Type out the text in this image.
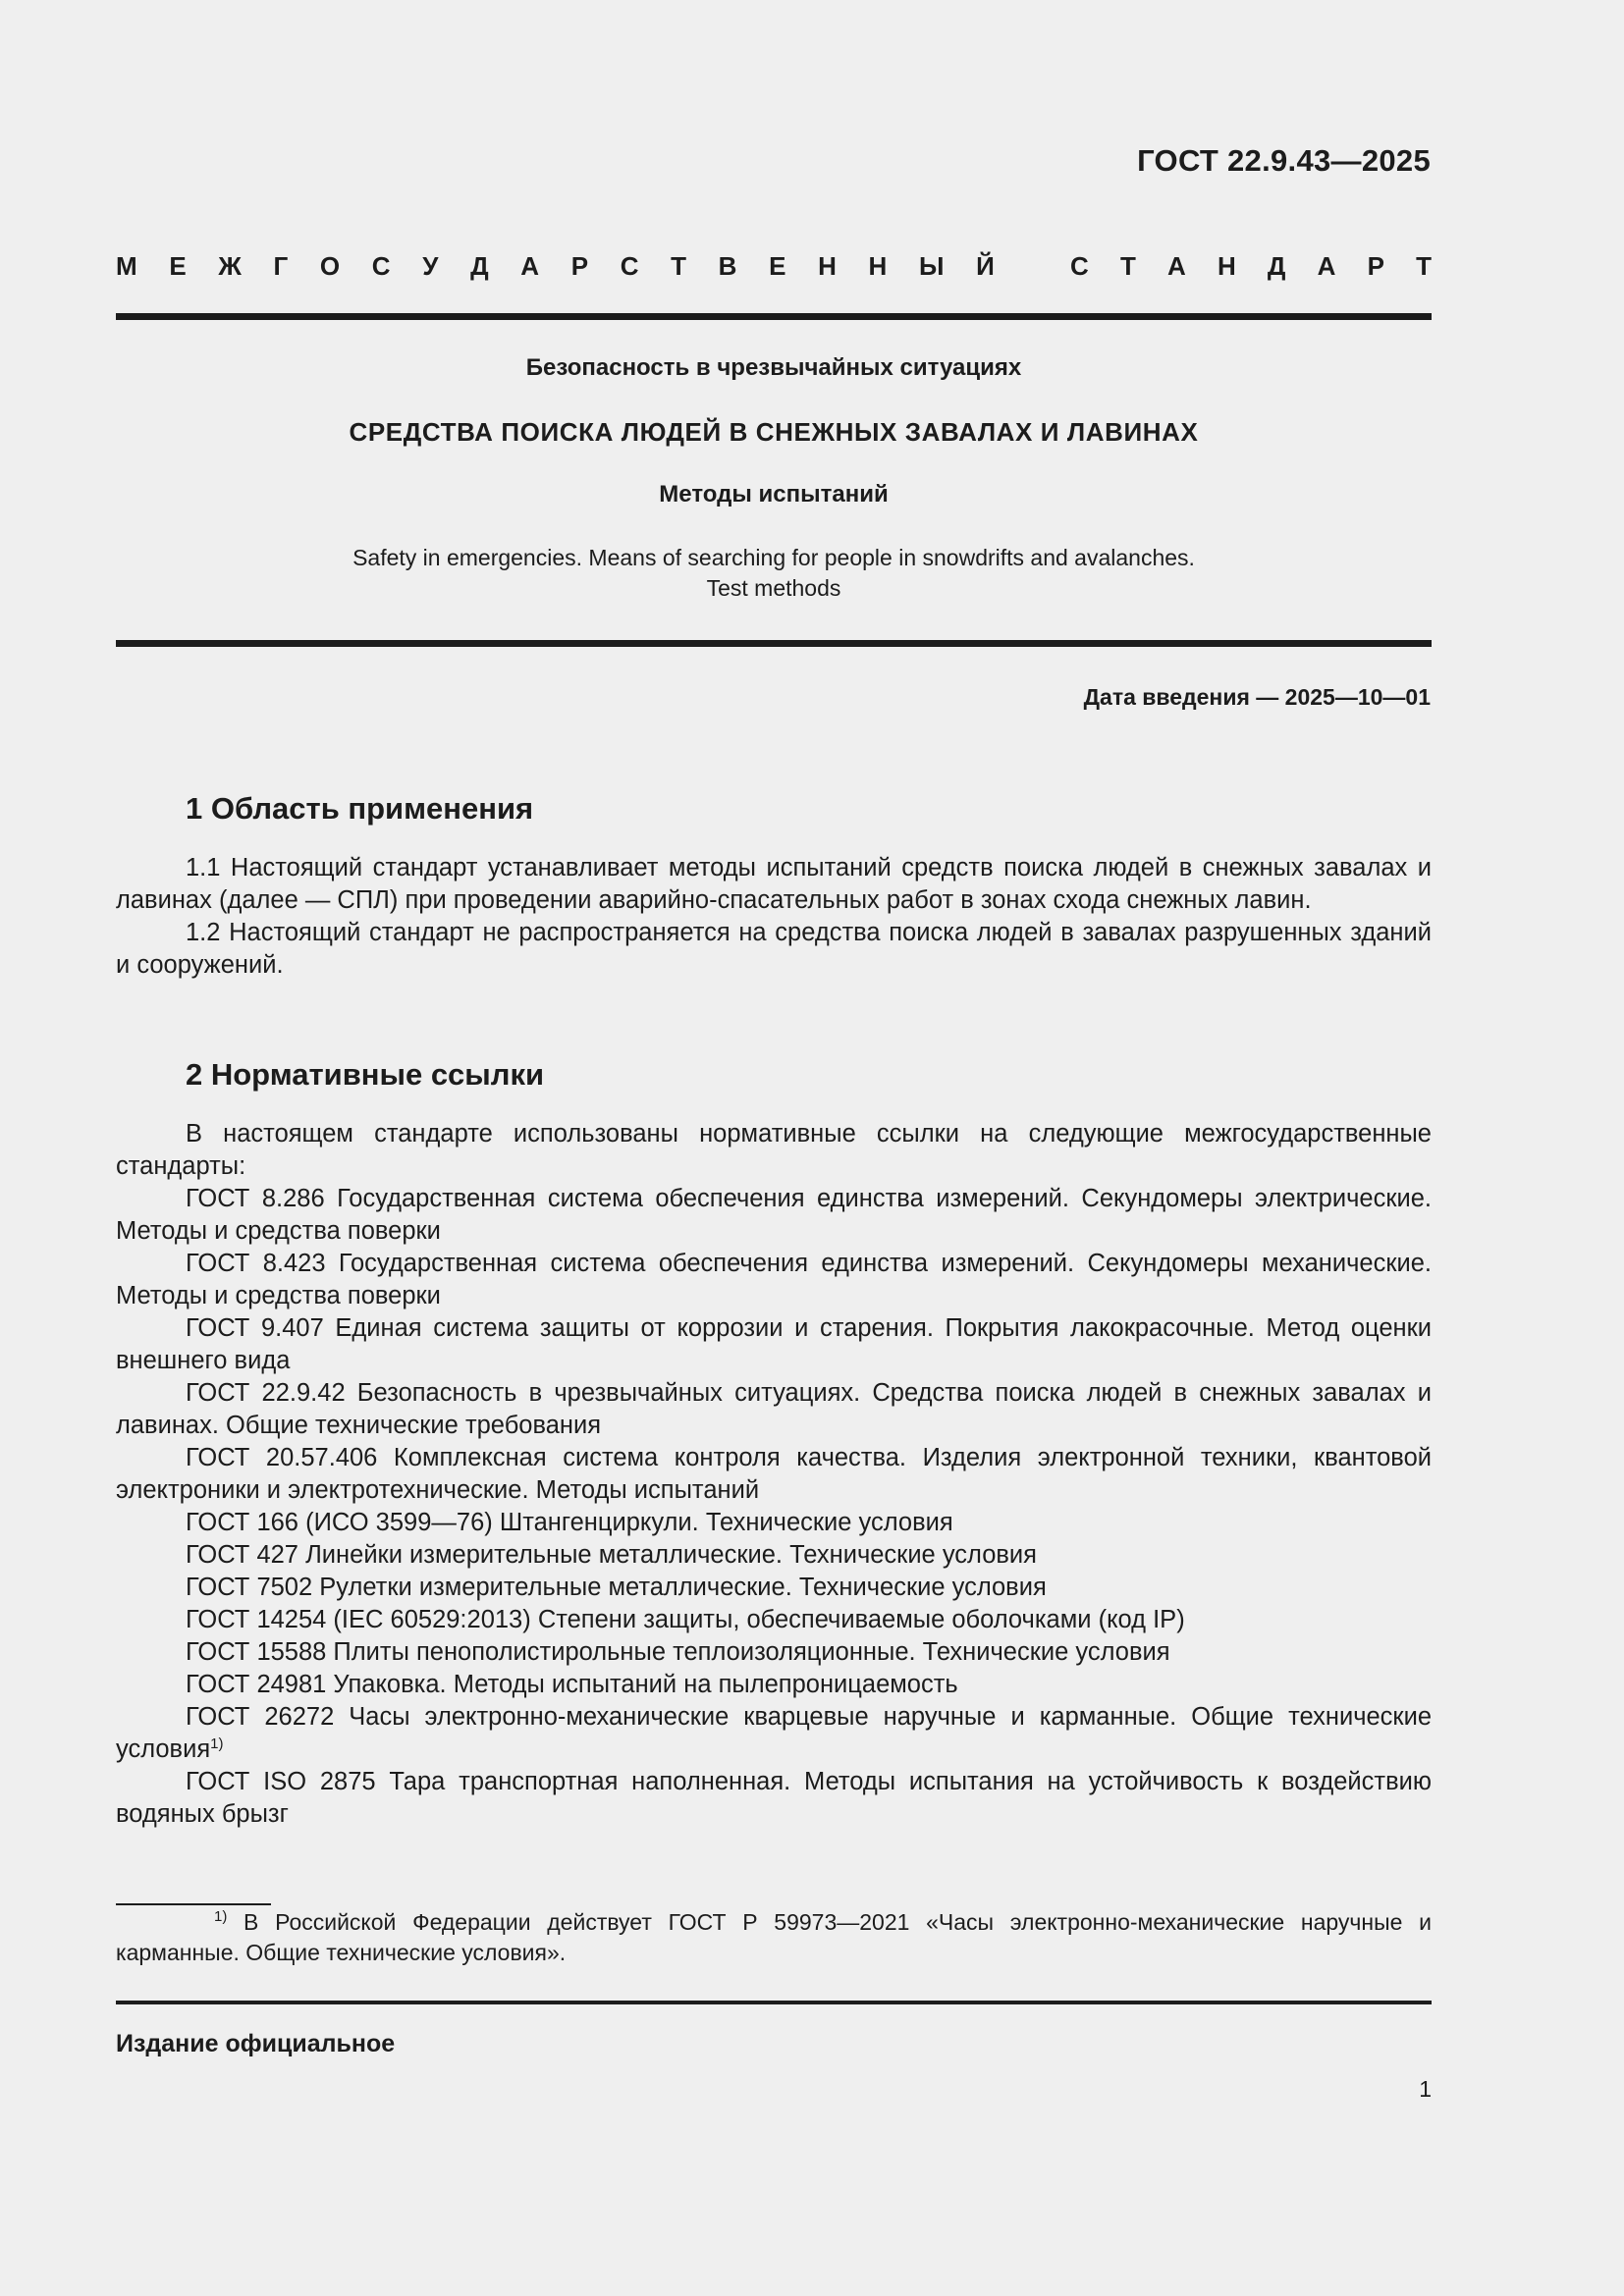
ГОСТ 22.9.43—2025
М Е Ж Г О С У Д А Р С Т В Е Н Н Ы Й	С Т А Н Д А Р Т
Безопасность в чрезвычайных ситуациях
СРЕДСТВА ПОИСКА ЛЮДЕЙ В СНЕЖНЫХ ЗАВАЛАХ И ЛАВИНАХ
Методы испытаний
Safety in emergencies. Means of searching for people in snowdrifts and avalanches.
Test methods
Дата введения — 2025—10—01
1 Область применения

1.1 Настоящий стандарт устанавливает методы испытаний средств поиска людей в снежных завалах и лавинах (далее — СПЛ) при проведении аварийно-спасательных работ в зонах схода снежных лавин.

1.2 Настоящий стандарт не распространяется на средства поиска людей в завалах разрушенных зданий и сооружений.

2 Нормативные ссылки

В настоящем стандарте использованы нормативные ссылки на следующие межгосударственные стандарты:

ГОСТ 8.286 Государственная система обеспечения единства измерений. Секундомеры электрические. Методы и средства поверки

ГОСТ 8.423 Государственная система обеспечения единства измерений. Секундомеры механические. Методы и средства поверки

ГОСТ 9.407 Единая система защиты от коррозии и старения. Покрытия лакокрасочные. Метод оценки внешнего вида

ГОСТ 22.9.42 Безопасность в чрезвычайных ситуациях. Средства поиска людей в снежных завалах и лавинах. Общие технические требования

ГОСТ 20.57.406 Комплексная система контроля качества. Изделия электронной техники, квантовой электроники и электротехнические. Методы испытаний

ГОСТ 166 (ИСО 3599—76) Штангенциркули. Технические условия

ГОСТ 427 Линейки измерительные металлические. Технические условия

ГОСТ 7502 Рулетки измерительные металлические. Технические условия

ГОСТ 14254 (IEC 60529:2013) Степени защиты, обеспечиваемые оболочками (код IP)

ГОСТ 15588 Плиты пенополистирольные теплоизоляционные. Технические условия

ГОСТ 24981 Упаковка. Методы испытаний на пылепроницаемость

ГОСТ 26272 Часы электронно-механические кварцевые наручные и карманные. Общие технические условия$^{1)}$

ГОСТ ISO 2875 Тара транспортная наполненная. Методы испытания на устойчивость к воздействию водяных брызг

$^{1)}$ В Российской Федерации действует ГОСТ Р 59973—2021 «Часы электронно-механические наручные и карманные. Общие технические условия».

Издание официальное
1
